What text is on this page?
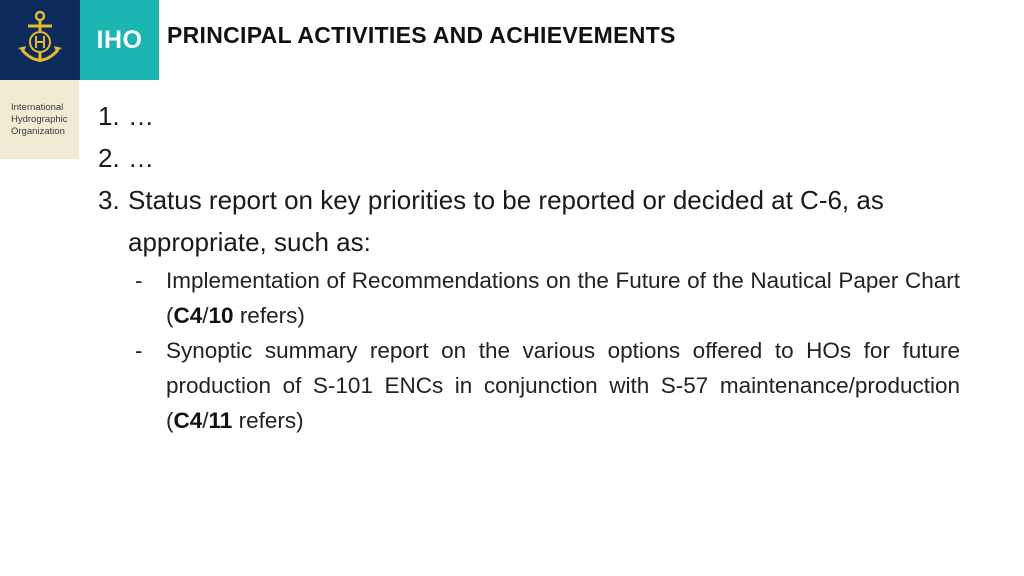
IHO
International
Hydrographic
Organization
PRINCIPAL ACTIVITIES AND ACHIEVEMENTS
1. …
2. …
3. Status report on key priorities to be reported or decided at C-6, as appropriate, such as:
-	Implementation of Recommendations on the Future of the Nautical Paper Chart (C4/10 refers)
-	Synoptic summary report on the various options offered to HOs for future production of S-101 ENCs in conjunction with S-57 maintenance/production (C4/11 refers)
